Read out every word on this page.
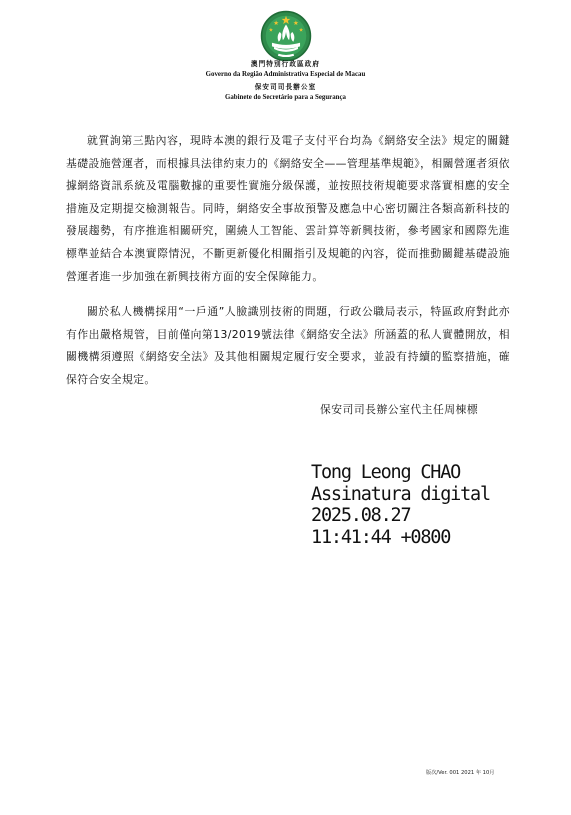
澳門特別行政區政府
Governo da Região Administrativa Especial de Macau
保安司司長辦公室
Gabinete do Secretário para a Segurança

就質詢第三點內容，現時本澳的銀行及電子支付平台均為《網絡安全法》規定的關鍵基礎設施營運者，而根據具法律約束力的《網絡安全——管理基準規範》，相關營運者須依據網絡資訊系統及電腦數據的重要性實施分級保護，並按照技術規範要求落實相應的安全措施及定期提交檢測報告。同時，網絡安全事故預警及應急中心密切關注各類高新科技的發展趨勢，有序推進相關研究，圍繞人工智能、雲計算等新興技術，參考國家和國際先進標準並結合本澳實際情況，不斷更新優化相關指引及規範的內容，從而推動關鍵基礎設施營運者進一步加強在新興技術方面的安全保障能力。

關於私人機構採用“一戶通”人臉識別技術的問題，行政公職局表示，特區政府對此亦有作出嚴格規管，目前僅向第13/2019號法律《網絡安全法》所涵蓋的私人實體開放，相關機構須遵照《網絡安全法》及其他相關規定履行安全要求，並設有持續的監察措施，確保符合安全規定。

保安司司長辦公室代主任周棟標
Tong Leong CHAO
Assinatura digital
2025.08.27
11:41:44 +0800
版次/Ver. 001 2021 年 10月
